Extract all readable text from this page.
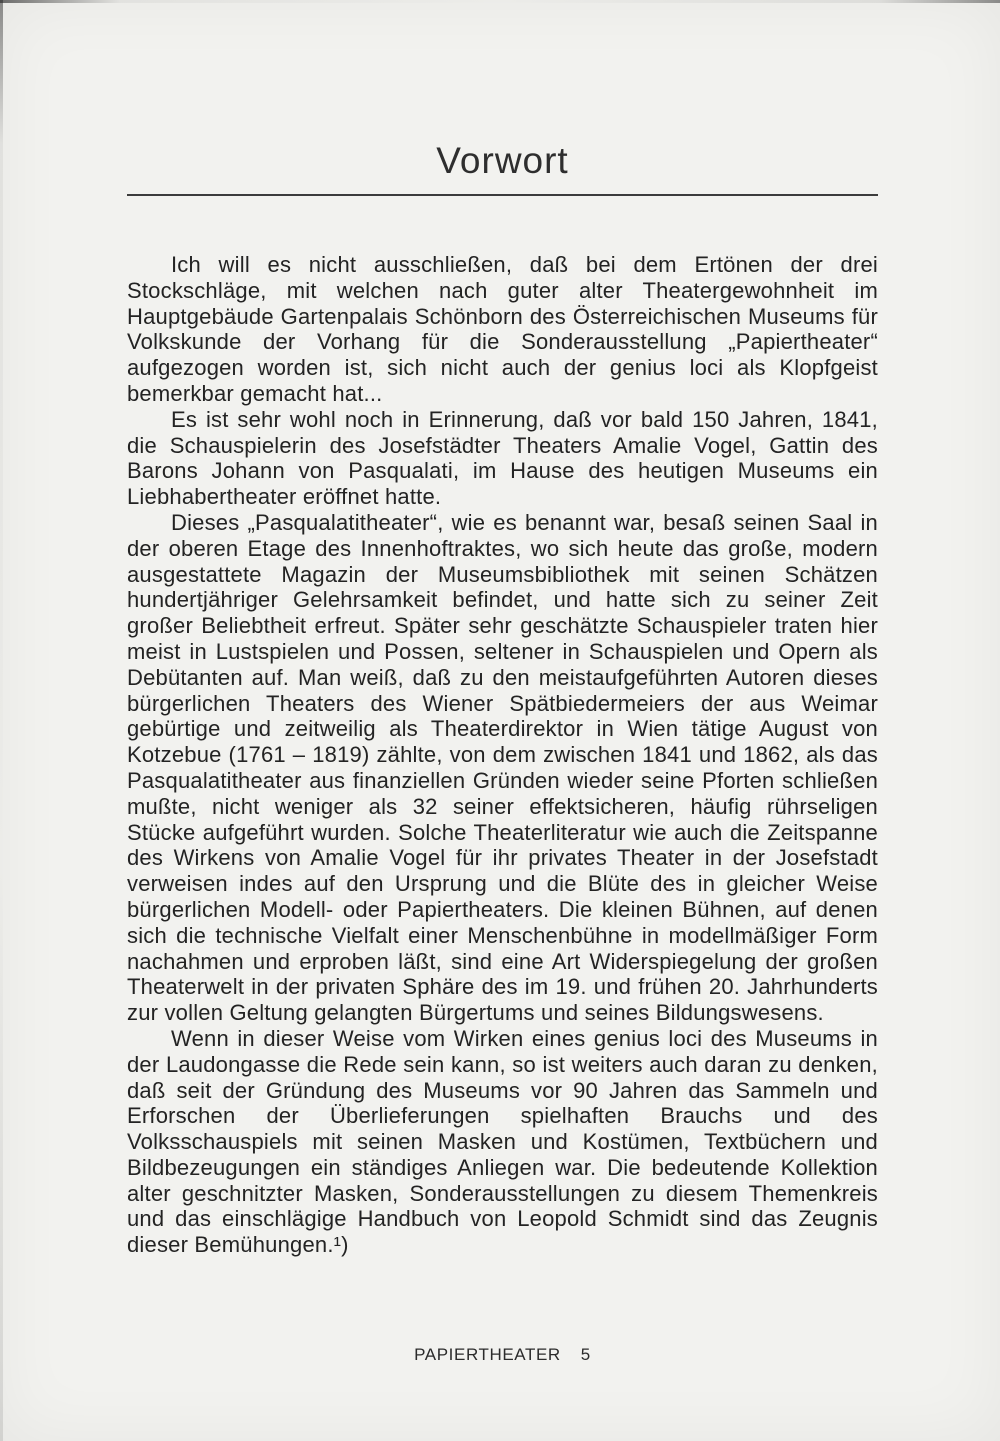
Vorwort

Ich will es nicht ausschließen, daß bei dem Ertönen der drei Stockschläge, mit welchen nach guter alter Theatergewohnheit im Hauptgebäude Gartenpalais Schönborn des Österreichischen Museums für Volkskunde der Vorhang für die Sonderausstellung „Papiertheater“ aufgezogen worden ist, sich nicht auch der genius loci als Klopfgeist bemerkbar gemacht hat...

Es ist sehr wohl noch in Erinnerung, daß vor bald 150 Jahren, 1841, die Schauspielerin des Josefstädter Theaters Amalie Vogel, Gattin des Barons Johann von Pasqualati, im Hause des heutigen Museums ein Liebhabertheater eröffnet hatte.

Dieses „Pasqualatitheater“, wie es benannt war, besaß seinen Saal in der oberen Etage des Innenhoftraktes, wo sich heute das große, modern ausgestattete Magazin der Museumsbibliothek mit seinen Schätzen hundertjähriger Gelehrsamkeit befindet, und hatte sich zu seiner Zeit großer Beliebtheit erfreut. Später sehr geschätzte Schauspieler traten hier meist in Lustspielen und Possen, seltener in Schauspielen und Opern als Debütanten auf. Man weiß, daß zu den meistaufgeführten Autoren dieses bürgerlichen Theaters des Wiener Spätbiedermeiers der aus Weimar gebürtige und zeitweilig als Theaterdirektor in Wien tätige August von Kotzebue (1761 – 1819) zählte, von dem zwischen 1841 und 1862, als das Pasqualatitheater aus finanziellen Gründen wieder seine Pforten schließen mußte, nicht weniger als 32 seiner effektsicheren, häufig rührseligen Stücke aufgeführt wurden. Solche Theaterliteratur wie auch die Zeitspanne des Wirkens von Amalie Vogel für ihr privates Theater in der Josefstadt verweisen indes auf den Ursprung und die Blüte des in gleicher Weise bürgerlichen Modell- oder Papiertheaters. Die kleinen Bühnen, auf denen sich die technische Vielfalt einer Menschenbühne in modellmäßiger Form nachahmen und erproben läßt, sind eine Art Widerspiegelung der großen Theaterwelt in der privaten Sphäre des im 19. und frühen 20. Jahrhunderts zur vollen Geltung gelangten Bürgertums und seines Bildungswesens.

Wenn in dieser Weise vom Wirken eines genius loci des Museums in der Laudongasse die Rede sein kann, so ist weiters auch daran zu denken, daß seit der Gründung des Museums vor 90 Jahren das Sammeln und Erforschen der Überlieferungen spielhaften Brauchs und des Volksschauspiels mit seinen Masken und Kostümen, Textbüchern und Bildbezeugungen ein ständiges Anliegen war. Die bedeutende Kollektion alter geschnitzter Masken, Sonderausstellungen zu diesem Themenkreis und das einschlägige Handbuch von Leopold Schmidt sind das Zeugnis dieser Bemühungen.¹)

PAPIERTHEATER 5
